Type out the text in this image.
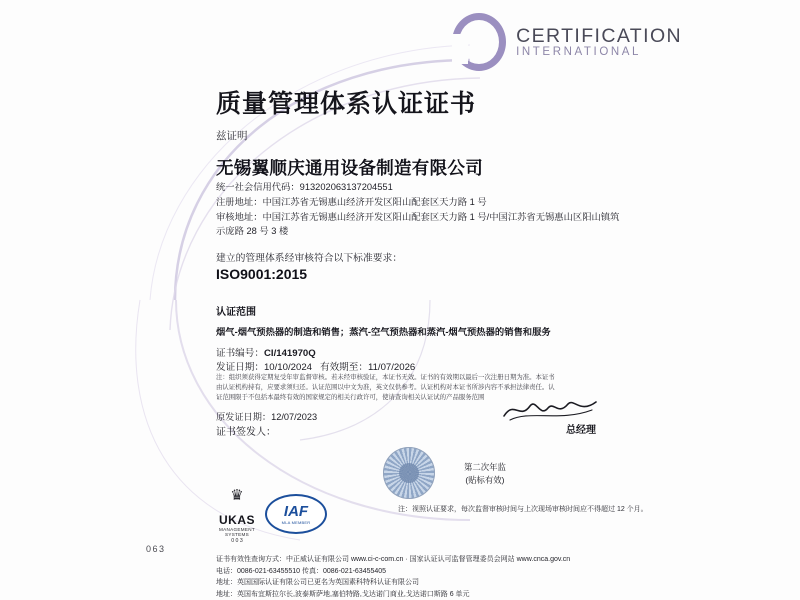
CERTIFICATION
INTERNATIONAL
质量管理体系认证证书
兹证明
无锡翼顺庆通用设备制造有限公司
统一社会信用代码：913202063137204551
注册地址：中国江苏省无锡惠山经济开发区阳山配套区天力路 1 号
审核地址：中国江苏省无锡惠山经济开发区阳山配套区天力路 1 号/中国江苏省无锡惠山区阳山镇筑示庞路 28 号 3 楼
建立的管理体系经审核符合以下标准要求：
ISO9001:2015
认证范围
烟气-烟气预热器的制造和销售；蒸汽-空气预热器和蒸汽-烟气预热器的销售和服务
证书编号：CI/141970Q
发证日期：10/10/2024 有效期至：11/07/2026
注：组织须获得定期复受年审监督审核。若未经审核验证，本证书无效。证书的有效期以最后一次注册日期为准。本证书由认证机构持有，应要求须归还。认证范围以中文为准，英文仅供参考。认证机构对本证书所涉内容不承担法律责任。认证范围限于不包括本最终有效的国家规定的相关行政许可，使请查询相关认证试的产品服务范围
原发证日期：12/07/2023
证书签发人：	总经理
第二次年监
(贴标有效)
注：视照认证要求，每次监督审核时间与上次现场审核时间应不得超过 12 个月。
♛
UKAS
MANAGEMENT SYSTEMS
0 0 3
IAF
MLA MEMBER
063
证书有效性查询方式：中正威认证有限公司 www.ci-c-com.cn · 国家认证认可监督管理委员会网站 www.cnca.gov.cn
电话：0086-021-63455510 传真：0086-021-63455405
地址：英国国际认证有限公司已更名为英国素科特科认证有限公司
地址：英国布宜斯拉尔长,波泰斯萨地,塞伯特路,戈达诺门商业,戈达诺口斯路 6 单元
